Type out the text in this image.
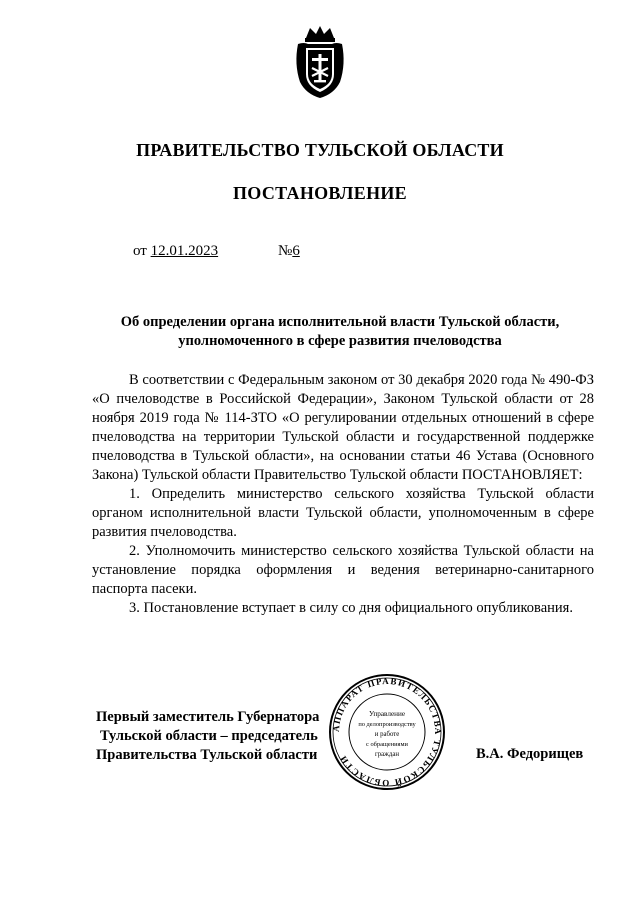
ПРАВИТЕЛЬСТВО ТУЛЬСКОЙ ОБЛАСТИ
ПОСТАНОВЛЕНИЕ
от 12.01.2023	№6
Об определении органа исполнительной власти Тульской области,
уполномоченного в сфере развития пчеловодства

В соответствии с Федеральным законом от 30 декабря 2020 года № 490-ФЗ «О пчеловодстве в Российской Федерации», Законом Тульской области от 28 ноября 2019 года № 114-ЗТО «О регулировании отдельных отношений в сфере пчеловодства на территории Тульской области и государственной поддержке пчеловодства в Тульской области», на основании статьи 46 Устава (Основного Закона) Тульской области Правительство Тульской области ПОСТАНОВЛЯЕТ:

1. Определить министерство сельского хозяйства Тульской области органом исполнительной власти Тульской области, уполномоченным в сфере развития пчеловодства.

2. Уполномочить министерство сельского хозяйства Тульской области на установление порядка оформления и ведения ветеринарно-санитарного паспорта пасеки.

3. Постановление вступает в силу со дня официального опубликования.

Первый заместитель Губернатора
Тульской области – председатель
Правительства Тульской области	В.А. Федорищев
АППАРАТ ПРАВИТЕЛЬСТВА ТУЛЬСКОЙ ОБЛАСТИ
Управление
по делопроизводству
и работе
с обращениями
граждан
